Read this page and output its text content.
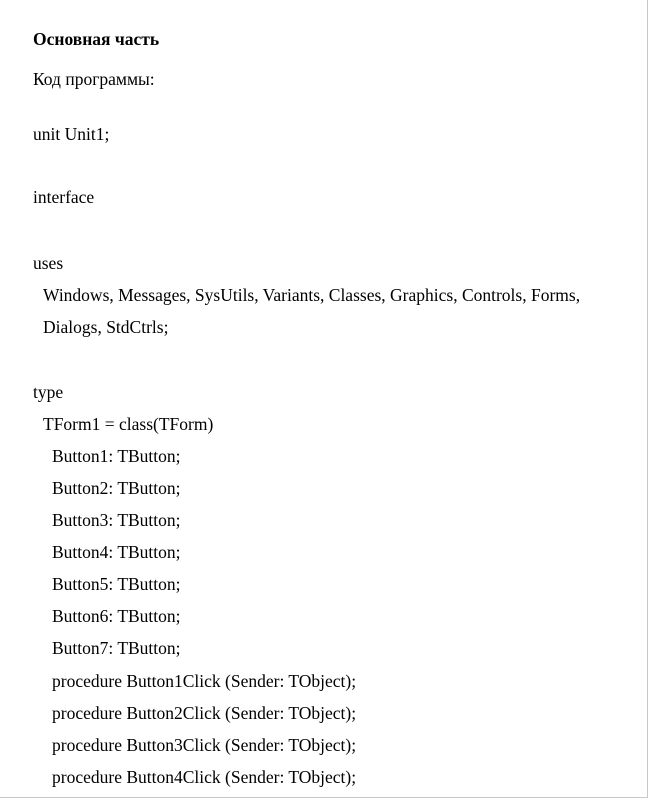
Основная часть
Код программы:
unit Unit1;
interface
uses
Windows, Messages, SysUtils, Variants, Classes, Graphics, Controls, Forms,
Dialogs, StdCtrls;
type
TForm1 = class(TForm)
Button1: TButton;
Button2: TButton;
Button3: TButton;
Button4: TButton;
Button5: TButton;
Button6: TButton;
Button7: TButton;
procedure Button1Click (Sender: TObject);
procedure Button2Click (Sender: TObject);
procedure Button3Click (Sender: TObject);
procedure Button4Click (Sender: TObject);
